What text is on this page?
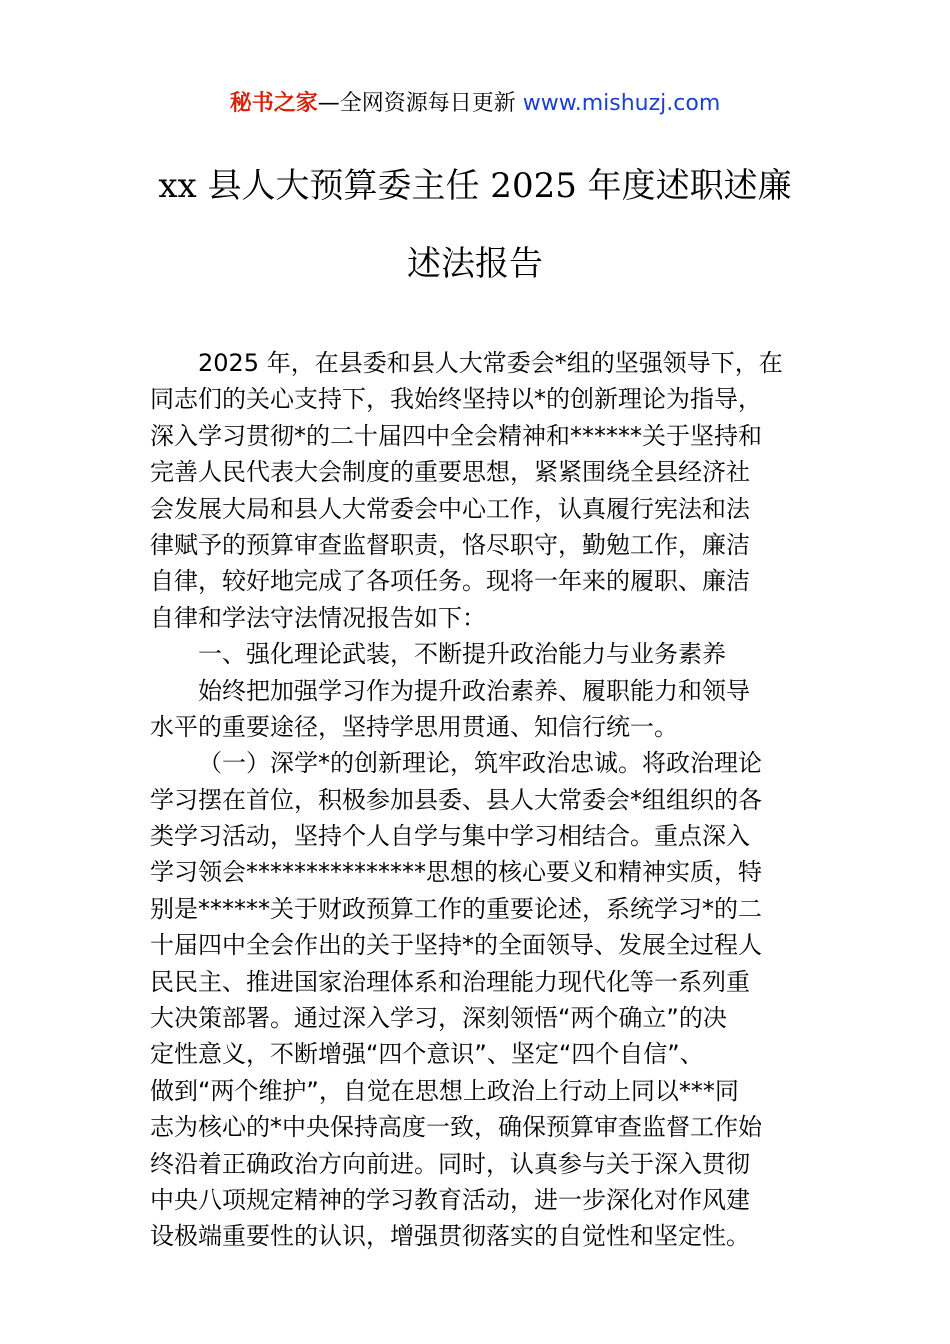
秘书之家—全网资源每日更新 www.mishuzj.com
xx 县人大预算委主任 2025 年度述职述廉
述法报告
2025 年，在县委和县人大常委会*组的坚强领导下，在
同志们的关心支持下，我始终坚持以*的创新理论为指导，
深入学习贯彻*的二十届四中全会精神和******关于坚持和
完善人民代表大会制度的重要思想，紧紧围绕全县经济社
会发展大局和县人大常委会中心工作，认真履行宪法和法
律赋予的预算审查监督职责，恪尽职守，勤勉工作，廉洁
自律，较好地完成了各项任务。现将一年来的履职、廉洁
自律和学法守法情况报告如下：
一、强化理论武装，不断提升政治能力与业务素养
始终把加强学习作为提升政治素养、履职能力和领导
水平的重要途径，坚持学思用贯通、知信行统一。
（一）深学*的创新理论，筑牢政治忠诚。将政治理论
学习摆在首位，积极参加县委、县人大常委会*组组织的各
类学习活动，坚持个人自学与集中学习相结合。重点深入
学习领会***************思想的核心要义和精神实质，特
别是******关于财政预算工作的重要论述，系统学习*的二
十届四中全会作出的关于坚持*的全面领导、发展全过程人
民民主、推进国家治理体系和治理能力现代化等一系列重
大决策部署。通过深入学习，深刻领悟“两个确立”的决
定性意义，不断增强“四个意识”、坚定“四个自信”、
做到“两个维护”，自觉在思想上政治上行动上同以***同
志为核心的*中央保持高度一致，确保预算审查监督工作始
终沿着正确政治方向前进。同时，认真参与关于深入贯彻
中央八项规定精神的学习教育活动，进一步深化对作风建
设极端重要性的认识，增强贯彻落实的自觉性和坚定性。
